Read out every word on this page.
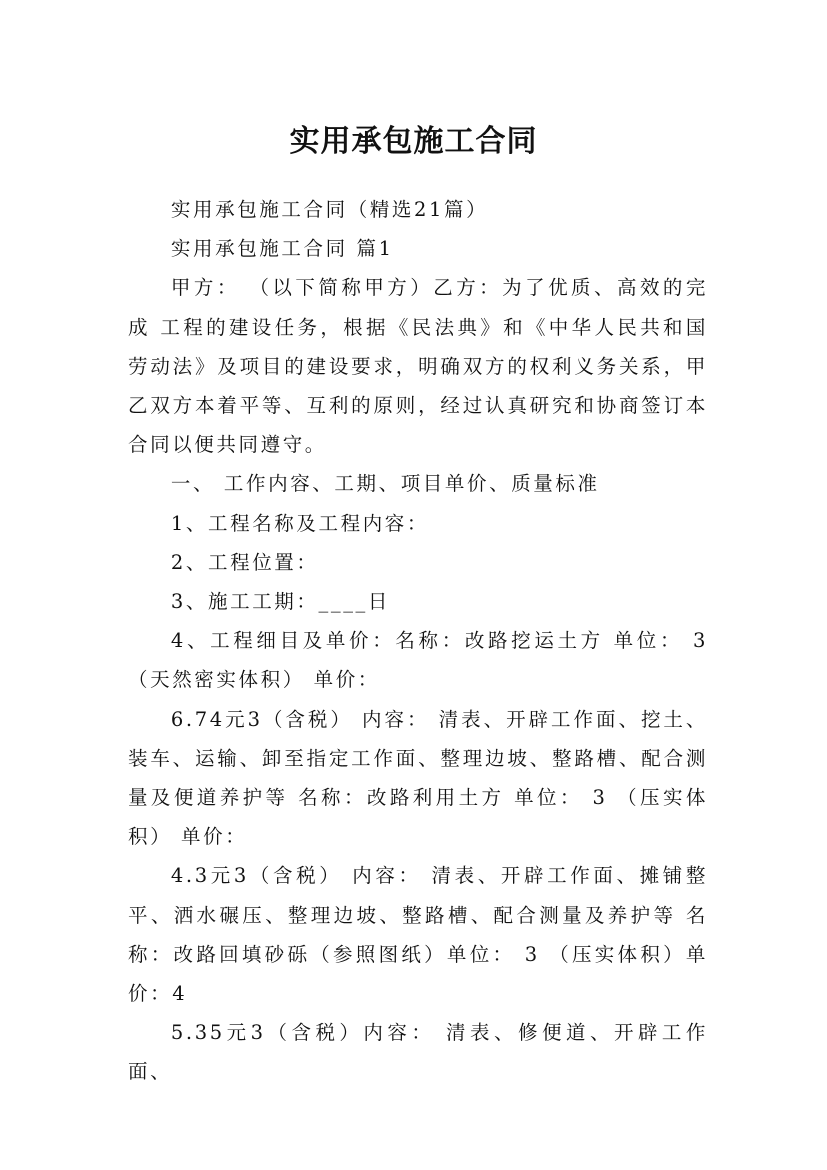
实用承包施工合同

实用承包施工合同（精选21篇）

实用承包施工合同 篇1

甲方： （以下简称甲方）乙方：为了优质、高效的完成 工程的建设任务，根据《民法典》和《中华人民共和国劳动法》及项目的建设要求，明确双方的权利义务关系，甲乙双方本着平等、互利的原则，经过认真研究和协商签订本合同以便共同遵守。

一、 工作内容、工期、项目单价、质量标准

1、工程名称及工程内容：

2、工程位置：

3、施工工期：____日

4、工程细目及单价：名称：改路挖运土方 单位： 3（天然密实体积） 单价：

6.74元3（含税） 内容： 清表、开辟工作面、挖土、装车、运输、卸至指定工作面、整理边坡、整路槽、配合测量及便道养护等 名称：改路利用土方 单位： 3 （压实体积） 单价：

4.3元3（含税） 内容： 清表、开辟工作面、摊铺整平、洒水碾压、整理边坡、整路槽、配合测量及养护等 名称：改路回填砂砾（参照图纸）单位： 3 （压实体积）单价：4

5.35元3（含税）内容： 清表、修便道、开辟工作面、
